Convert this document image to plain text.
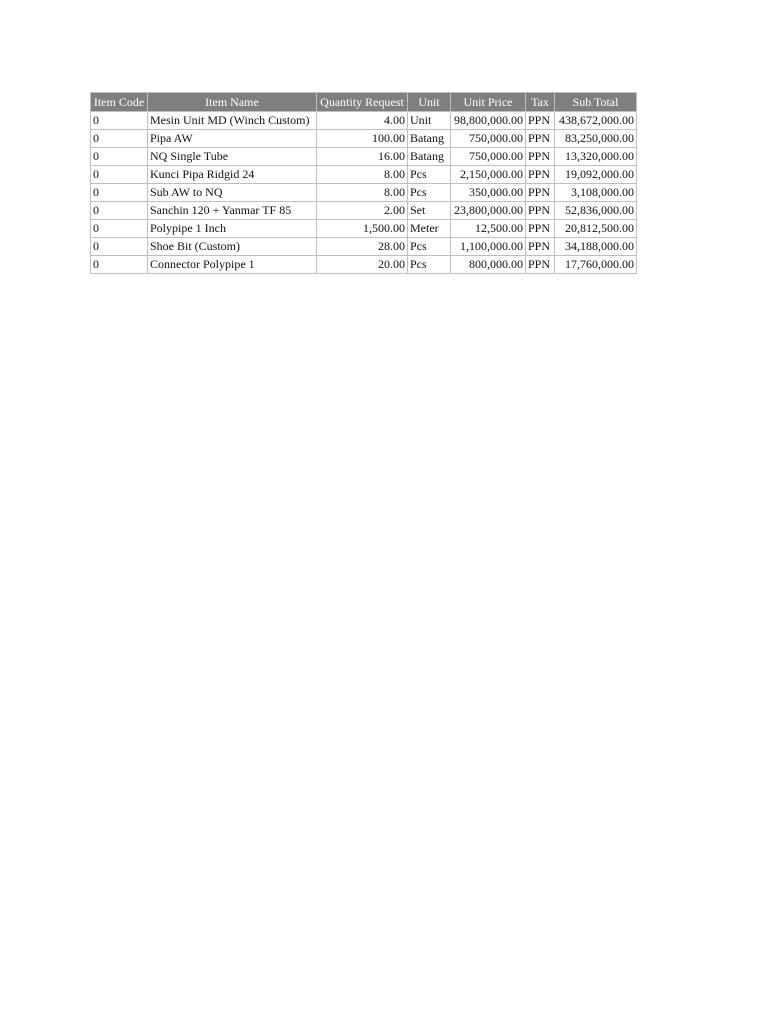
Item Code	Item Name	Quantity Request	Unit	Unit Price	Tax	Sub Total
0	Mesin Unit MD (Winch Custom)	4.00	Unit	98,800,000.00	PPN	438,672,000.00
0	Pipa AW	100.00	Batang	750,000.00	PPN	83,250,000.00
0	NQ Single Tube	16.00	Batang	750,000.00	PPN	13,320,000.00
0	Kunci Pipa Ridgid 24	8.00	Pcs	2,150,000.00	PPN	19,092,000.00
0	Sub AW to NQ	8.00	Pcs	350,000.00	PPN	3,108,000.00
0	Sanchin 120 + Yanmar TF 85	2.00	Set	23,800,000.00	PPN	52,836,000.00
0	Polypipe 1 Inch	1,500.00	Meter	12,500.00	PPN	20,812,500.00
0	Shoe Bit (Custom)	28.00	Pcs	1,100,000.00	PPN	34,188,000.00
0	Connector Polypipe 1	20.00	Pcs	800,000.00	PPN	17,760,000.00
